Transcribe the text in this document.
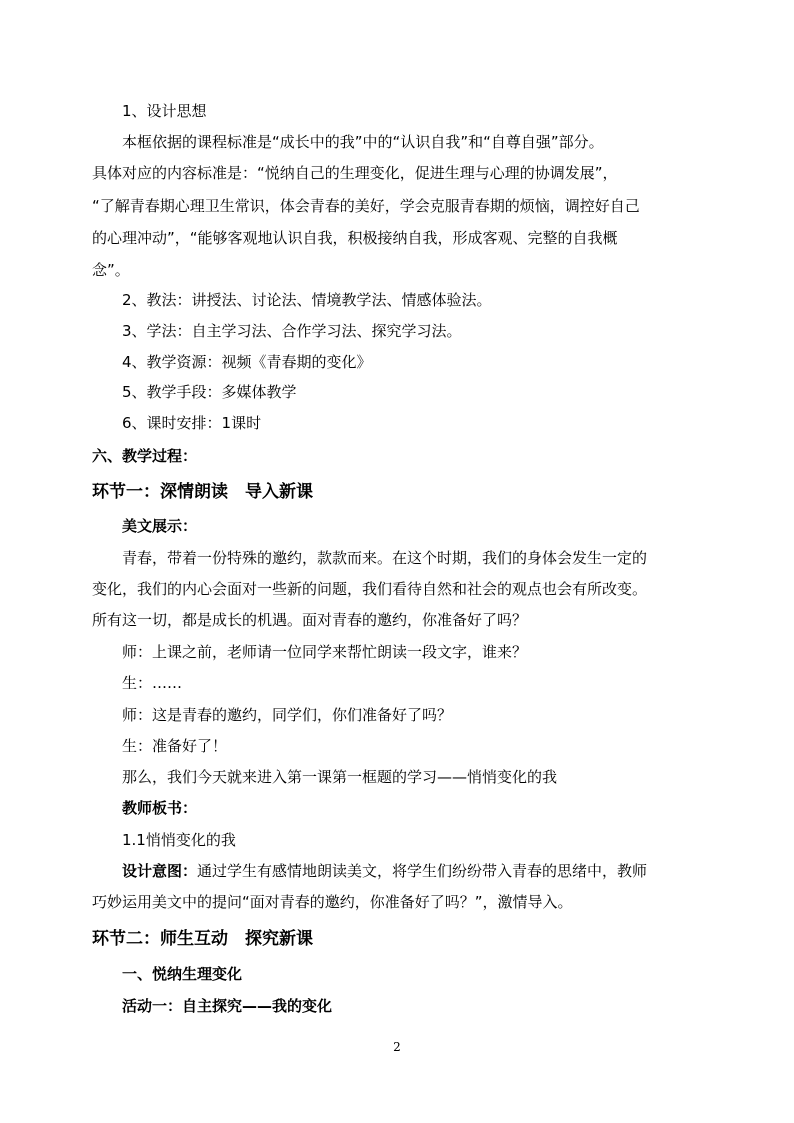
1、设计思想
本框依据的课程标准是“成长中的我”中的“认识自我”和“自尊自强”部分。
具体对应的内容标准是：“悦纳自己的生理变化，促进生理与心理的协调发展”，
“了解青春期心理卫生常识，体会青春的美好，学会克服青春期的烦恼，调控好自己
的心理冲动”，“能够客观地认识自我，积极接纳自我，形成客观、完整的自我概
念”。
2、教法：讲授法、讨论法、情境教学法、情感体验法。
3、学法：自主学习法、合作学习法、探究学习法。
4、教学资源：视频《青春期的变化》
5、教学手段：多媒体教学
6、课时安排：1课时
六、教学过程：
环节一：深情朗读　导入新课
美文展示：
青春，带着一份特殊的邀约，款款而来。在这个时期，我们的身体会发生一定的
变化，我们的内心会面对一些新的问题，我们看待自然和社会的观点也会有所改变。
所有这一切，都是成长的机遇。面对青春的邀约，你准备好了吗？
师：上课之前，老师请一位同学来帮忙朗读一段文字，谁来？
生：……
师：这是青春的邀约，同学们，你们准备好了吗？
生：准备好了！
那么，我们今天就来进入第一课第一框题的学习——悄悄变化的我
教师板书：
1.1悄悄变化的我
设计意图：通过学生有感情地朗读美文，将学生们纷纷带入青春的思绪中，教师
巧妙运用美文中的提问“面对青春的邀约，你准备好了吗？”，激情导入。
环节二：师生互动　探究新课
一、悦纳生理变化
活动一：自主探究——我的变化
2
